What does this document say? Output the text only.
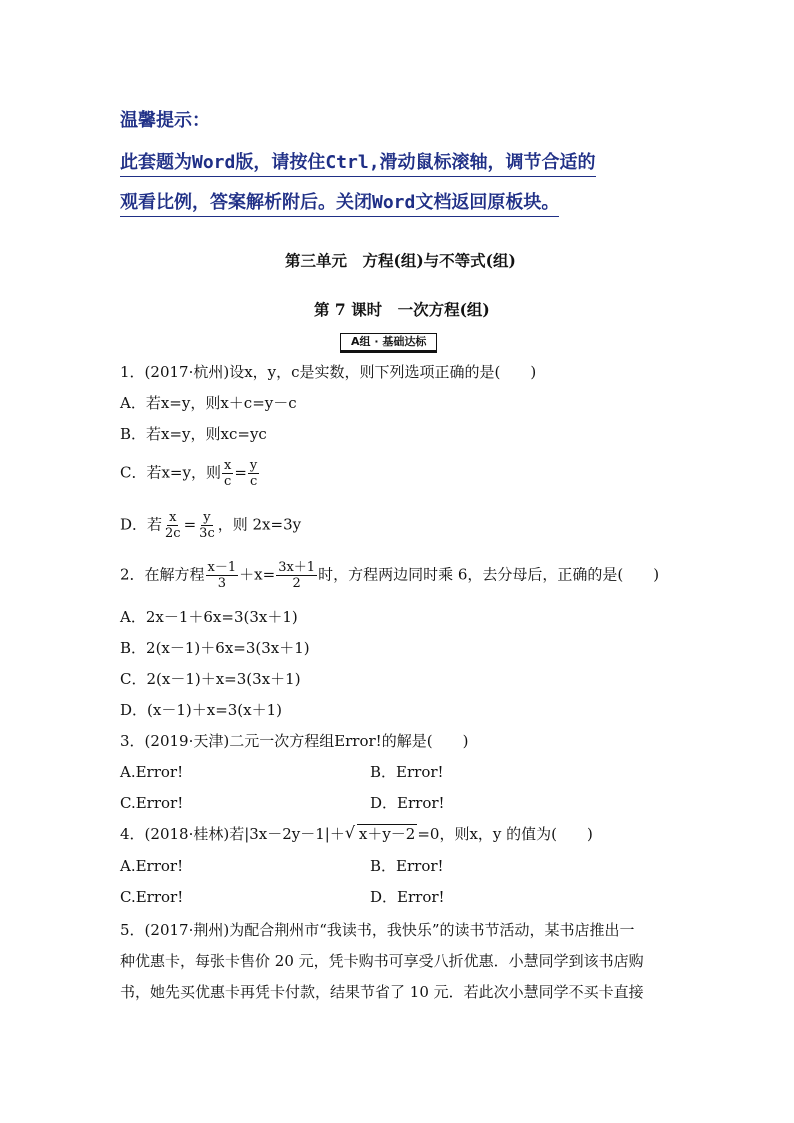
温馨提示：
此套题为Word版，请按住Ctrl,滑动鼠标滚轴，调节合适的
观看比例，答案解析附后。关闭Word文档返回原板块。
第三单元　方程(组)与不等式(组)
第 7 课时　一次方程(组)
A组 · 基础达标
1．(2017·杭州)设x，y，c是实数，则下列选项正确的是(　　)
A．若x=y，则x＋c=y－c
B．若x=y，则xc=yc
C．若x=y，则 $\frac{x}{c} = \frac{y}{c}$
D．若 $\frac{x}{2c} = \frac{y}{3c}$ ，则 2x=3y
2．在解方程 $\frac{x-1}{3} +x= \frac{3x+1}{2}$ 时，方程两边同时乘 6，去分母后，正确的是(　　)
A．2x－1＋6x=3(3x＋1)
B．2(x－1)＋6x=3(3x＋1)
C．2(x－1)＋x=3(3x＋1)
D．(x－1)＋x=3(x＋1)
3．(2019·天津)二元一次方程组Error!的解是(　　)
A.Error!	B．Error!
C.Error!	D．Error!
4．(2018·桂林)若|3x－2y－1|＋√ x＋y－2 =0，则x，y 的值为(　　)
A.Error!	B．Error!
C.Error!	D．Error!
5．(2017·荆州)为配合荆州市“我读书，我快乐”的读书节活动，某书店推出一
种优惠卡，每张卡售价 20 元，凭卡购书可享受八折优惠．小慧同学到该书店购
书，她先买优惠卡再凭卡付款，结果节省了 10 元．若此次小慧同学不买卡直接
